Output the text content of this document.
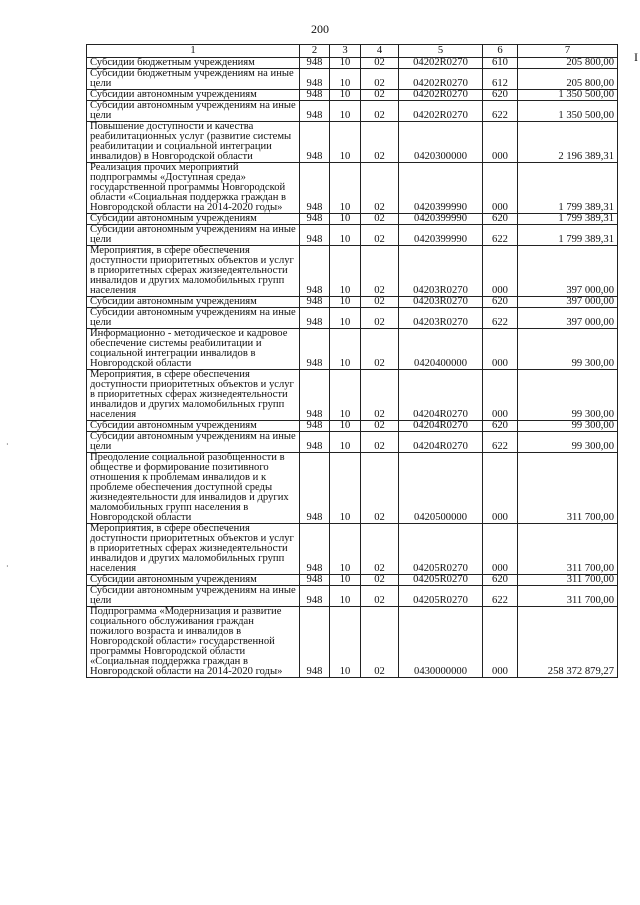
200
I
·
·
1	2	3	4	5	6	7
Субсидии бюджетным учреждениям	948	10	02	04202R0270	610	205 800,00
Субсидии бюджетным учреждениям на иные цели	948	10	02	04202R0270	612	205 800,00
Субсидии автономным учреждениям	948	10	02	04202R0270	620	1 350 500,00
Субсидии автономным учреждениям на иные цели	948	10	02	04202R0270	622	1 350 500,00
Повышение доступности и качества реабилитационных услуг (развитие системы реабилитации и социальной интеграции инвалидов) в Новгородской области	948	10	02	0420300000	000	2 196 389,31
Реализация прочих мероприятий подпрограммы «Доступная среда» государственной программы Новгородской области «Социальная поддержка граждан в Новгородской области на 2014-2020 годы»	948	10	02	0420399990	000	1 799 389,31
Субсидии автономным учреждениям	948	10	02	0420399990	620	1 799 389,31
Субсидии автономным учреждениям на иные цели	948	10	02	0420399990	622	1 799 389,31
Мероприятия, в сфере обеспечения доступности приоритетных объектов и услуг в приоритетных сферах жизнедеятельности инвалидов и других маломобильных групп населения	948	10	02	04203R0270	000	397 000,00
Субсидии автономным учреждениям	948	10	02	04203R0270	620	397 000,00
Субсидии автономным учреждениям на иные цели	948	10	02	04203R0270	622	397 000,00
Информационно - методическое и кадровое обеспечение системы реабилитации и социальной интеграции инвалидов в Новгородской области	948	10	02	0420400000	000	99 300,00
Мероприятия, в сфере обеспечения доступности приоритетных объектов и услуг в приоритетных сферах жизнедеятельности инвалидов и других маломобильных групп населения	948	10	02	04204R0270	000	99 300,00
Субсидии автономным учреждениям	948	10	02	04204R0270	620	99 300,00
Субсидии автономным учреждениям на иные цели	948	10	02	04204R0270	622	99 300,00
Преодоление социальной разобщенности в обществе и формирование позитивного отношения к проблемам инвалидов и к проблеме обеспечения доступной среды жизнедеятельности для инвалидов и других маломобильных групп населения в Новгородской области	948	10	02	0420500000	000	311 700,00
Мероприятия, в сфере обеспечения доступности приоритетных объектов и услуг в приоритетных сферах жизнедеятельности инвалидов и других маломобильных групп населения	948	10	02	04205R0270	000	311 700,00
Субсидии автономным учреждениям	948	10	02	04205R0270	620	311 700,00
Субсидии автономным учреждениям на иные цели	948	10	02	04205R0270	622	311 700,00
Подпрограмма «Модернизация и развитие социального обслуживания граждан пожилого возраста и инвалидов в Новгородской области» государственной программы Новгородской области «Социальная поддержка граждан в Новгородской области на 2014-2020 годы»	948	10	02	0430000000	000	258 372 879,27
